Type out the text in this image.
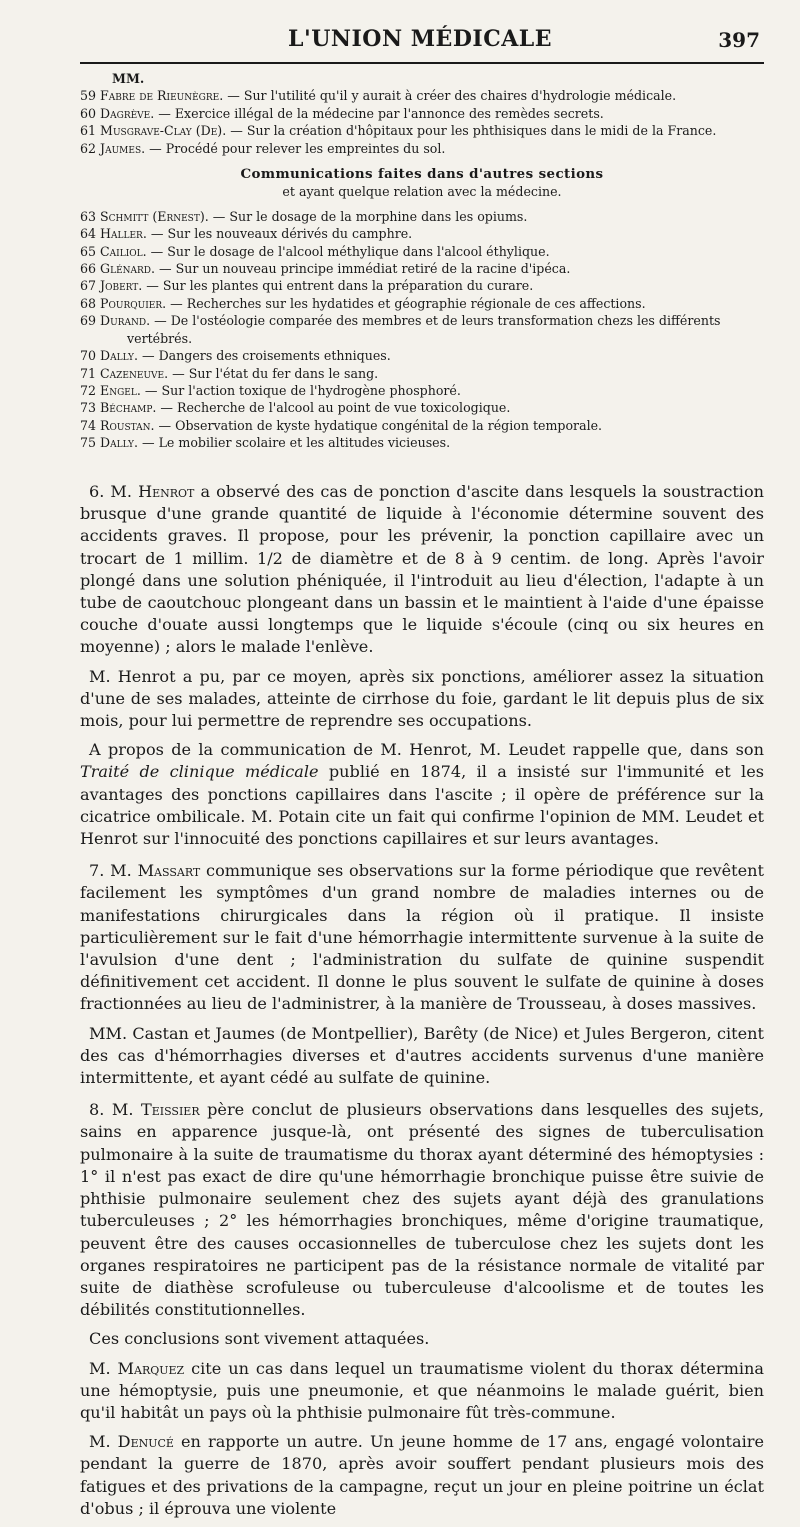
L'UNION MÉDICALE	397
MM.
59 Fabre de Rieunègre. — Sur l'utilité qu'il y aurait à créer des chaires d'hydrologie médicale.
60 Dagrève. — Exercice illégal de la médecine par l'annonce des remèdes secrets.
61 Musgrave-Clay (De). — Sur la création d'hôpitaux pour les phthisiques dans le midi de la France.
62 Jaumes. — Procédé pour relever les empreintes du sol.
Communications faites dans d'autres sections
et ayant quelque relation avec la médecine.
63 Schmitt (Ernest). — Sur le dosage de la morphine dans les opiums.
64 Haller. — Sur les nouveaux dérivés du camphre.
65 Cailiol. — Sur le dosage de l'alcool méthylique dans l'alcool éthylique.
66 Glénard. — Sur un nouveau principe immédiat retiré de la racine d'ipéca.
67 Jobert. — Sur les plantes qui entrent dans la préparation du curare.
68 Pourquier. — Recherches sur les hydatides et géographie régionale de ces affections.
69 Durand. — De l'ostéologie comparée des membres et de leurs transformation chezs les différents
vertébrés.
70 Dally. — Dangers des croisements ethniques.
71 Cazeneuve. — Sur l'état du fer dans le sang.
72 Engel. — Sur l'action toxique de l'hydrogène phosphoré.
73 Béchamp. — Recherche de l'alcool au point de vue toxicologique.
74 Roustan. — Observation de kyste hydatique congénital de la région temporale.
75 Dally. — Le mobilier scolaire et les altitudes vicieuses.

6. M. Henrot a observé des cas de ponction d'ascite dans lesquels la soustraction brusque d'une grande quantité de liquide à l'économie détermine souvent des accidents graves. Il propose, pour les prévenir, la ponction capillaire avec un trocart de 1 millim. 1/2 de diamètre et de 8 à 9 centim. de long. Après l'avoir plongé dans une solution phéniquée, il l'introduit au lieu d'élection, l'adapte à un tube de caoutchouc plongeant dans un bassin et le maintient à l'aide d'une épaisse couche d'ouate aussi longtemps que le liquide s'écoule (cinq ou six heures en moyenne) ; alors le malade l'enlève.

M. Henrot a pu, par ce moyen, après six ponctions, améliorer assez la situation d'une de ses malades, atteinte de cirrhose du foie, gardant le lit depuis plus de six mois, pour lui permettre de reprendre ses occupations.

A propos de la communication de M. Henrot, M. Leudet rappelle que, dans son Traité de clinique médicale publié en 1874, il a insisté sur l'immunité et les avantages des ponctions capillaires dans l'ascite ; il opère de préférence sur la cicatrice ombilicale. M. Potain cite un fait qui confirme l'opinion de MM. Leudet et Henrot sur l'innocuité des ponctions capillaires et sur leurs avantages.

7. M. Massart communique ses observations sur la forme périodique que revêtent facilement les symptômes d'un grand nombre de maladies internes ou de manifestations chirurgicales dans la région où il pratique. Il insiste particulièrement sur le fait d'une hémorrhagie intermittente survenue à la suite de l'avulsion d'une dent ; l'administration du sulfate de quinine suspendit définitivement cet accident. Il donne le plus souvent le sulfate de quinine à doses fractionnées au lieu de l'administrer, à la manière de Trousseau, à doses massives.

MM. Castan et Jaumes (de Montpellier), Barêty (de Nice) et Jules Bergeron, citent des cas d'hémorrhagies diverses et d'autres accidents survenus d'une manière intermittente, et ayant cédé au sulfate de quinine.

8. M. Teissier père conclut de plusieurs observations dans lesquelles des sujets, sains en apparence jusque-là, ont présenté des signes de tuberculisation pulmonaire à la suite de traumatisme du thorax ayant déterminé des hémoptysies : 1° il n'est pas exact de dire qu'une hémorrhagie bronchique puisse être suivie de phthisie pulmonaire seulement chez des sujets ayant déjà des granulations tuberculeuses ; 2° les hémorrhagies bronchiques, même d'origine traumatique, peuvent être des causes occasionnelles de tuberculose chez les sujets dont les organes respiratoires ne participent pas de la résistance normale de vitalité par suite de diathèse scrofuleuse ou tuberculeuse d'alcoolisme et de toutes les débilités constitutionnelles.

Ces conclusions sont vivement attaquées.

M. Marquez cite un cas dans lequel un traumatisme violent du thorax détermina une hémoptysie, puis une pneumonie, et que néanmoins le malade guérit, bien qu'il habitât un pays où la phthisie pulmonaire fût très-commune.

M. Denucé en rapporte un autre. Un jeune homme de 17 ans, engagé volontaire pendant la guerre de 1870, après avoir souffert pendant plusieurs mois des fatigues et des privations de la campagne, reçut un jour en pleine poitrine un éclat d'obus ; il éprouva une violente
